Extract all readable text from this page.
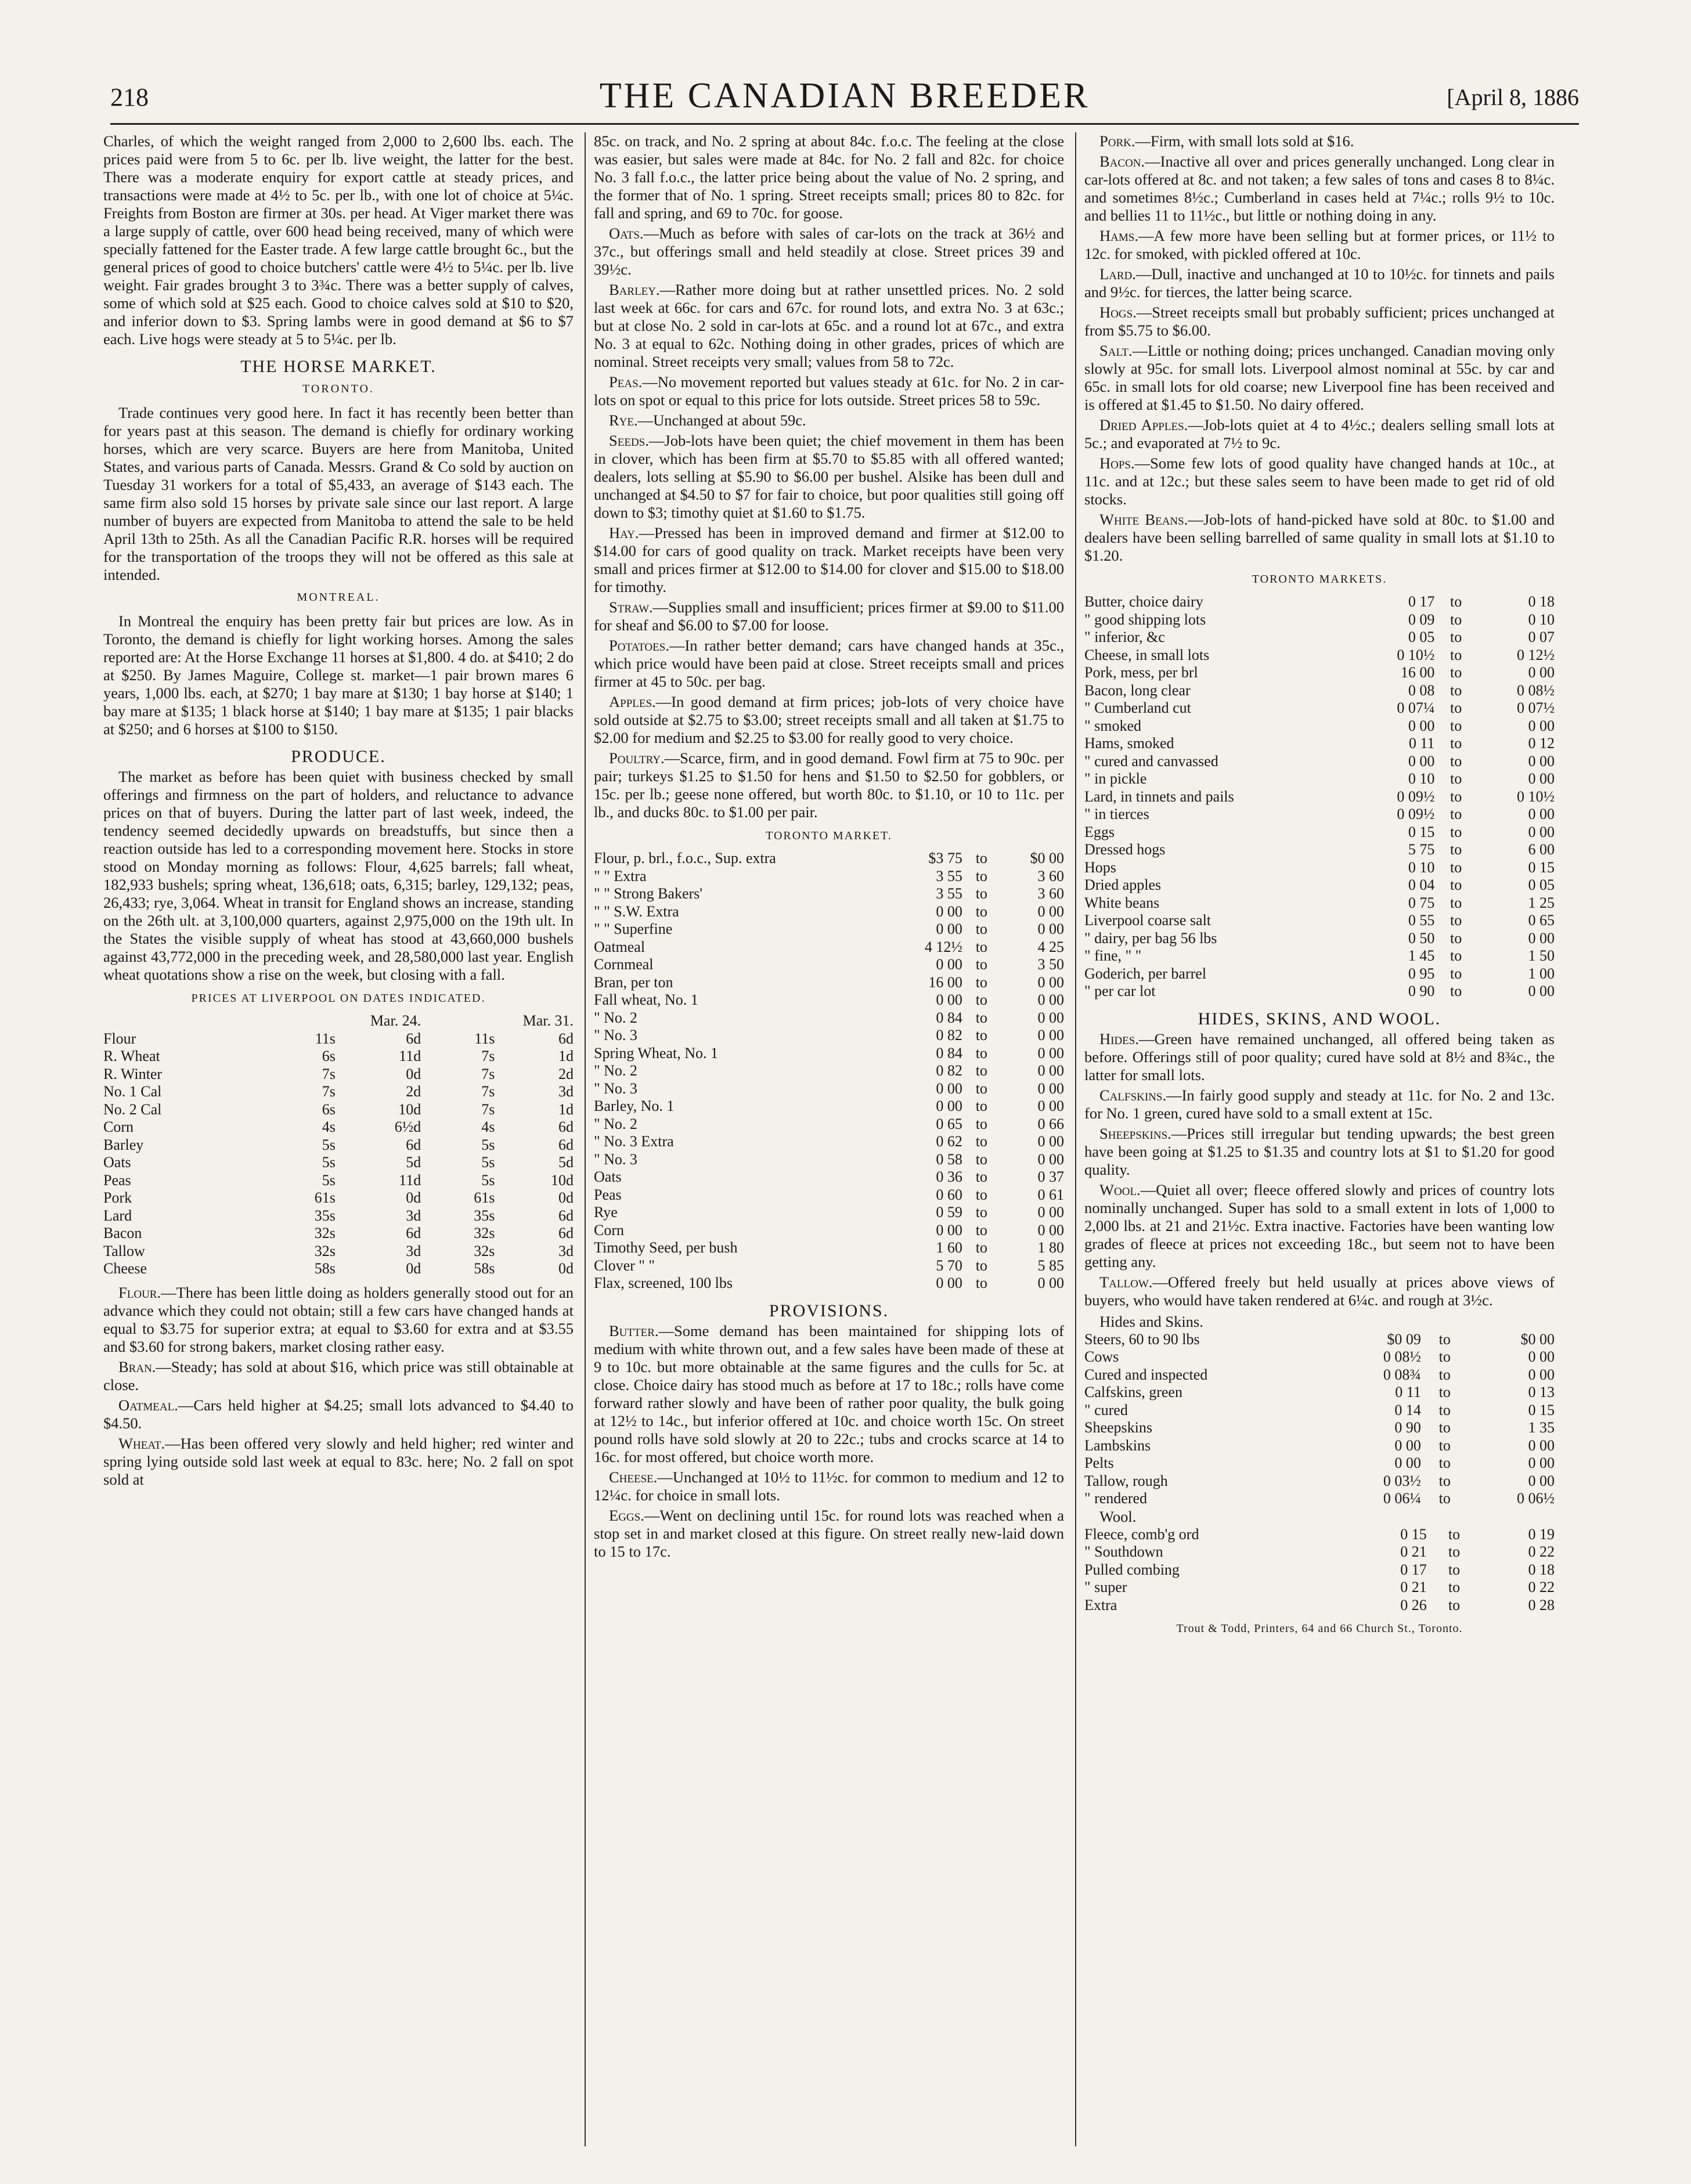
218	THE CANADIAN BREEDER	[April 8, 1886

Charles, of which the weight ranged from 2,000 to 2,600 lbs. each. The prices paid were from 5 to 6c. per lb. live weight, the latter for the best. There was a moderate enquiry for export cattle at steady prices, and transactions were made at 4½ to 5c. per lb., with one lot of choice at 5¼c. Freights from Boston are firmer at 30s. per head. At Viger market there was a large supply of cattle, over 600 head being received, many of which were specially fattened for the Easter trade. A few large cattle brought 6c., but the general prices of good to choice butchers' cattle were 4½ to 5¼c. per lb. live weight. Fair grades brought 3 to 3¾c. There was a better supply of calves, some of which sold at $25 each. Good to choice calves sold at $10 to $20, and inferior down to $3. Spring lambs were in good demand at $6 to $7 each. Live hogs were steady at 5 to 5¼c. per lb.

THE HORSE MARKET.
TORONTO.

Trade continues very good here. In fact it has recently been better than for years past at this season. The demand is chiefly for ordinary working horses, which are very scarce. Buyers are here from Manitoba, United States, and various parts of Canada. Messrs. Grand & Co sold by auction on Tuesday 31 workers for a total of $5,433, an average of $143 each. The same firm also sold 15 horses by private sale since our last report. A large number of buyers are expected from Manitoba to attend the sale to be held April 13th to 25th. As all the Canadian Pacific R.R. horses will be required for the transportation of the troops they will not be offered as this sale at intended.

MONTREAL.

In Montreal the enquiry has been pretty fair but prices are low. As in Toronto, the demand is chiefly for light working horses. Among the sales reported are: At the Horse Exchange 11 horses at $1,800. 4 do. at $410; 2 do at $250. By James Maguire, College st. market—1 pair brown mares 6 years, 1,000 lbs. each, at $270; 1 bay mare at $130; 1 bay horse at $140; 1 bay mare at $135; 1 black horse at $140; 1 bay mare at $135; 1 pair blacks at $250; and 6 horses at $100 to $150.

PRODUCE.

The market as before has been quiet with business checked by small offerings and firmness on the part of holders, and reluctance to advance prices on that of buyers. During the latter part of last week, indeed, the tendency seemed decidedly upwards on breadstuffs, but since then a reaction outside has led to a corresponding movement here. Stocks in store stood on Monday morning as follows: Flour, 4,625 barrels; fall wheat, 182,933 bushels; spring wheat, 136,618; oats, 6,315; barley, 129,132; peas, 26,433; rye, 3,064. Wheat in transit for England shows an increase, standing on the 26th ult. at 3,100,000 quarters, against 2,975,000 on the 19th ult. In the States the visible supply of wheat has stood at 43,660,000 bushels against 43,772,000 in the preceding week, and 28,580,000 last year. English wheat quotations show a rise on the week, but closing with a fall.

PRICES AT LIVERPOOL ON DATES INDICATED.
	Mar. 24.		Mar. 31.	
Flour	11s	6d	11s	6d
R. Wheat	6s	11d	7s	1d
R. Winter	7s	0d	7s	2d
No. 1 Cal	7s	2d	7s	3d
No. 2 Cal	6s	10d	7s	1d
Corn	4s	6½d	4s	6d
Barley	5s	6d	5s	6d
Oats	5s	5d	5s	5d
Peas	5s	11d	5s	10d
Pork	61s	0d	61s	0d
Lard	35s	3d	35s	6d
Bacon	32s	6d	32s	6d
Tallow	32s	3d	32s	3d
Cheese	58s	0d	58s	0d

Flour.—There has been little doing as holders generally stood out for an advance which they could not obtain; still a few cars have changed hands at equal to $3.75 for superior extra; at equal to $3.60 for extra and at $3.55 and $3.60 for strong bakers, market closing rather easy.

Bran.—Steady; has sold at about $16, which price was still obtainable at close.

Oatmeal.—Cars held higher at $4.25; small lots advanced to $4.40 to $4.50.

Wheat.—Has been offered very slowly and held higher; red winter and spring lying outside sold last week at equal to 83c. here; No. 2 fall on spot sold at

85c. on track, and No. 2 spring at about 84c. f.o.c. The feeling at the close was easier, but sales were made at 84c. for No. 2 fall and 82c. for choice No. 3 fall f.o.c., the latter price being about the value of No. 2 spring, and the former that of No. 1 spring. Street receipts small; prices 80 to 82c. for fall and spring, and 69 to 70c. for goose.

Oats.—Much as before with sales of car-lots on the track at 36½ and 37c., but offerings small and held steadily at close. Street prices 39 and 39½c.

Barley.—Rather more doing but at rather unsettled prices. No. 2 sold last week at 66c. for cars and 67c. for round lots, and extra No. 3 at 63c.; but at close No. 2 sold in car-lots at 65c. and a round lot at 67c., and extra No. 3 at equal to 62c. Nothing doing in other grades, prices of which are nominal. Street receipts very small; values from 58 to 72c.

Peas.—No movement reported but values steady at 61c. for No. 2 in car-lots on spot or equal to this price for lots outside. Street prices 58 to 59c.

Rye.—Unchanged at about 59c.

Seeds.—Job-lots have been quiet; the chief movement in them has been in clover, which has been firm at $5.70 to $5.85 with all offered wanted; dealers, lots selling at $5.90 to $6.00 per bushel. Alsike has been dull and unchanged at $4.50 to $7 for fair to choice, but poor qualities still going off down to $3; timothy quiet at $1.60 to $1.75.

Hay.—Pressed has been in improved demand and firmer at $12.00 to $14.00 for cars of good quality on track. Market receipts have been very small and prices firmer at $12.00 to $14.00 for clover and $15.00 to $18.00 for timothy.

Straw.—Supplies small and insufficient; prices firmer at $9.00 to $11.00 for sheaf and $6.00 to $7.00 for loose.

Potatoes.—In rather better demand; cars have changed hands at 35c., which price would have been paid at close. Street receipts small and prices firmer at 45 to 50c. per bag.

Apples.—In good demand at firm prices; job-lots of very choice have sold outside at $2.75 to $3.00; street receipts small and all taken at $1.75 to $2.00 for medium and $2.25 to $3.00 for really good to very choice.

Poultry.—Scarce, firm, and in good demand. Fowl firm at 75 to 90c. per pair; turkeys $1.25 to $1.50 for hens and $1.50 to $2.50 for gobblers, or 15c. per lb.; geese none offered, but worth 80c. to $1.10, or 10 to 11c. per lb., and ducks 80c. to $1.00 per pair.

TORONTO MARKET.
Flour, p. brl., f.o.c., Sup. extra	$3 75	to	$0 00
" " Extra	3 55	to	3 60
" " Strong Bakers'	3 55	to	3 60
" " S.W. Extra	0 00	to	0 00
" " Superfine	0 00	to	0 00
Oatmeal	4 12½	to	4 25
Cornmeal	0 00	to	3 50
Bran, per ton	16 00	to	0 00
Fall wheat, No. 1	0 00	to	0 00
" No. 2	0 84	to	0 00
" No. 3	0 82	to	0 00
Spring Wheat, No. 1	0 84	to	0 00
" No. 2	0 82	to	0 00
" No. 3	0 00	to	0 00
Barley, No. 1	0 00	to	0 00
" No. 2	0 65	to	0 66
" No. 3 Extra	0 62	to	0 00
" No. 3	0 58	to	0 00
Oats	0 36	to	0 37
Peas	0 60	to	0 61
Rye	0 59	to	0 00
Corn	0 00	to	0 00
Timothy Seed, per bush	1 60	to	1 80
Clover " "	5 70	to	5 85
Flax, screened, 100 lbs	0 00	to	0 00
PROVISIONS.

Butter.—Some demand has been maintained for shipping lots of medium with white thrown out, and a few sales have been made of these at 9 to 10c. but more obtainable at the same figures and the culls for 5c. at close. Choice dairy has stood much as before at 17 to 18c.; rolls have come forward rather slowly and have been of rather poor quality, the bulk going at 12½ to 14c., but inferior offered at 10c. and choice worth 15c. On street pound rolls have sold slowly at 20 to 22c.; tubs and crocks scarce at 14 to 16c. for most offered, but choice worth more.

Cheese.—Unchanged at 10½ to 11½c. for common to medium and 12 to 12¼c. for choice in small lots.

Eggs.—Went on declining until 15c. for round lots was reached when a stop set in and market closed at this figure. On street really new-laid down to 15 to 17c.

Pork.—Firm, with small lots sold at $16.

Bacon.—Inactive all over and prices generally unchanged. Long clear in car-lots offered at 8c. and not taken; a few sales of tons and cases 8 to 8¼c. and sometimes 8½c.; Cumberland in cases held at 7¼c.; rolls 9½ to 10c. and bellies 11 to 11½c., but little or nothing doing in any.

Hams.—A few more have been selling but at former prices, or 11½ to 12c. for smoked, with pickled offered at 10c.

Lard.—Dull, inactive and unchanged at 10 to 10½c. for tinnets and pails and 9½c. for tierces, the latter being scarce.

Hogs.—Street receipts small but probably sufficient; prices unchanged at from $5.75 to $6.00.

Salt.—Little or nothing doing; prices unchanged. Canadian moving only slowly at 95c. for small lots. Liverpool almost nominal at 55c. by car and 65c. in small lots for old coarse; new Liverpool fine has been received and is offered at $1.45 to $1.50. No dairy offered.

Dried Apples.—Job-lots quiet at 4 to 4½c.; dealers selling small lots at 5c.; and evaporated at 7½ to 9c.

Hops.—Some few lots of good quality have changed hands at 10c., at 11c. and at 12c.; but these sales seem to have been made to get rid of old stocks.

White Beans.—Job-lots of hand-picked have sold at 80c. to $1.00 and dealers have been selling barrelled of same quality in small lots at $1.10 to $1.20.

TORONTO MARKETS.
Butter, choice dairy	0 17	to	0 18
" good shipping lots	0 09	to	0 10
" inferior, &c	0 05	to	0 07
Cheese, in small lots	0 10½	to	0 12½
Pork, mess, per brl	16 00	to	0 00
Bacon, long clear	0 08	to	0 08½
" Cumberland cut	0 07¼	to	0 07½
" smoked	0 00	to	0 00
Hams, smoked	0 11	to	0 12
" cured and canvassed	0 00	to	0 00
" in pickle	0 10	to	0 00
Lard, in tinnets and pails	0 09½	to	0 10½
" in tierces	0 09½	to	0 00
Eggs	0 15	to	0 00
Dressed hogs	5 75	to	6 00
Hops	0 10	to	0 15
Dried apples	0 04	to	0 05
White beans	0 75	to	1 25
Liverpool coarse salt	0 55	to	0 65
" dairy, per bag 56 lbs	0 50	to	0 00
" fine, " "	1 45	to	1 50
Goderich, per barrel	0 95	to	1 00
" per car lot	0 90	to	0 00
HIDES, SKINS, AND WOOL.

Hides.—Green have remained unchanged, all offered being taken as before. Offerings still of poor quality; cured have sold at 8½ and 8¾c., the latter for small lots.

Calfskins.—In fairly good supply and steady at 11c. for No. 2 and 13c. for No. 1 green, cured have sold to a small extent at 15c.

Sheepskins.—Prices still irregular but tending upwards; the best green have been going at $1.25 to $1.35 and country lots at $1 to $1.20 for good quality.

Wool.—Quiet all over; fleece offered slowly and prices of country lots nominally unchanged. Super has sold to a small extent in lots of 1,000 to 2,000 lbs. at 21 and 21½c. Extra inactive. Factories have been wanting low grades of fleece at prices not exceeding 18c., but seem not to have been getting any.

Tallow.—Offered freely but held usually at prices above views of buyers, who would have taken rendered at 6¼c. and rough at 3½c.

Hides and Skins.
Steers, 60 to 90 lbs	$0 09	to	$0 00
Cows	0 08½	to	0 00
Cured and inspected	0 08¾	to	0 00
Calfskins, green	0 11	to	0 13
" cured	0 14	to	0 15
Sheepskins	0 90	to	1 35
Lambskins	0 00	to	0 00
Pelts	0 00	to	0 00
Tallow, rough	0 03½	to	0 00
" rendered	0 06¼	to	0 06½
Wool.
Fleece, comb'g ord	0 15	to	0 19
" Southdown	0 21	to	0 22
Pulled combing	0 17	to	0 18
" super	0 21	to	0 22
Extra	0 26	to	0 28
Trout & Todd, Printers, 64 and 66 Church St., Toronto.
